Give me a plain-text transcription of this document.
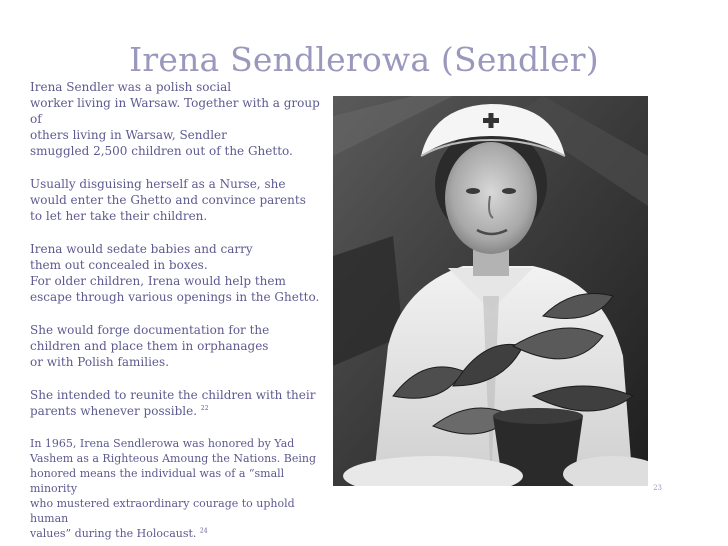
Irena Sendlerowa (Sendler)

Irena Sendler was a polish social
worker living in Warsaw. Together with a group of
others living in Warsaw, Sendler
smuggled 2,500 children out of the Ghetto.

Usually disguising herself as a Nurse, she
would enter the Ghetto and convince parents
to let her take their children.

Irena would sedate babies and carry
them out concealed in boxes.
For older children, Irena would help them
escape through various openings in the Ghetto.

She would forge documentation for the
children and place them in orphanages
or with Polish families.

She intended to reunite the children with their
parents whenever possible. $^{22}$

In 1965, Irena Sendlerowa was honored by Yad
Vashem as a Righteous Amoung the Nations. Being
honored means the individual was of a “small minority
who mustered extraordinary courage to uphold human
values” during the Holocaust. $^{24}$

23
